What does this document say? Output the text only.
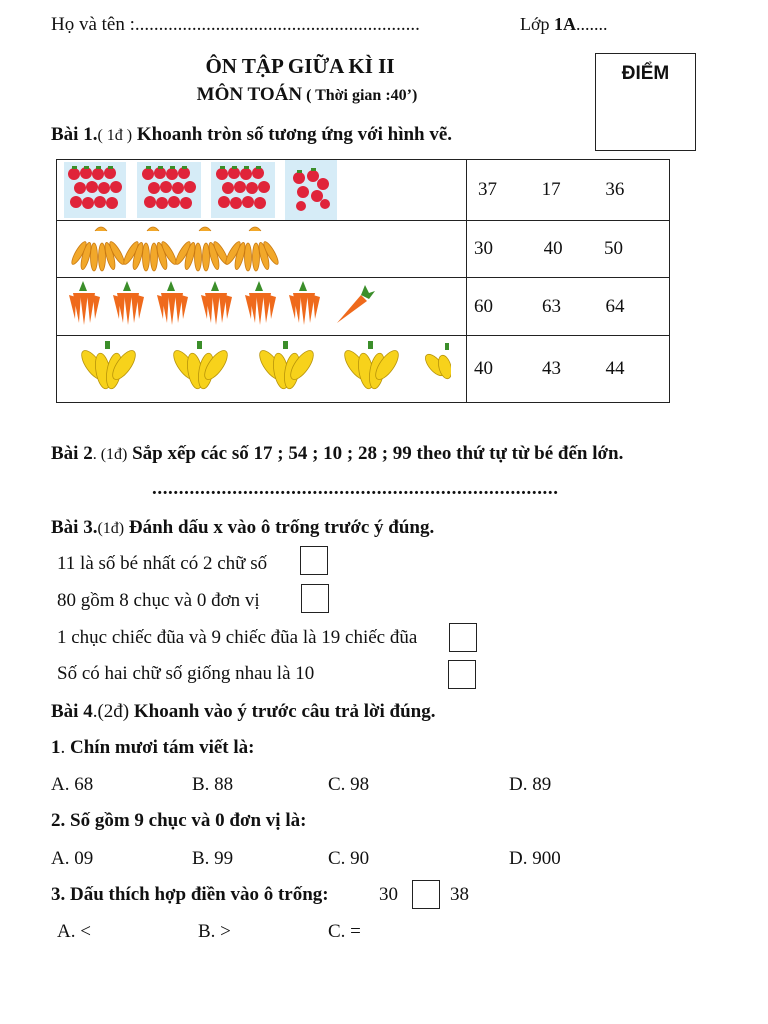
Họ và tên :............................................................	Lớp 1A.......
ÔN TẬP GIỮA KÌ II
MÔN TOÁN ( Thời gian :40’)
ĐIỂM
Bài 1.( 1đ ) Khoanh tròn số tương ứng với hình vẽ.

37 17 36

30 40 50

60 63 64

40 43 44
Bài 2. (1đ) Sắp xếp các số 17 ; 54 ; 10 ; 28 ; 99 theo thứ tự từ bé đến lớn.
............................................................................
Bài 3.(1đ) Đánh dấu x vào ô trống trước ý đúng.
11 là số bé nhất có 2 chữ số
80 gồm 8 chục và 0 đơn vị
1 chục chiếc đũa và 9 chiếc đũa là 19 chiếc đũa
Số có hai chữ số giống nhau là 10
Bài 4.(2đ) Khoanh vào ý trước câu trả lời đúng.
1. Chín mươi tám viết là:
A. 68	B. 88	C. 98	D. 89
2. Số gồm 9 chục và 0 đơn vị là:
A. 09	B. 99	C. 90	D. 900
3. Dấu thích hợp điền vào ô trống:	30	38
A. <	B. >	C. =
